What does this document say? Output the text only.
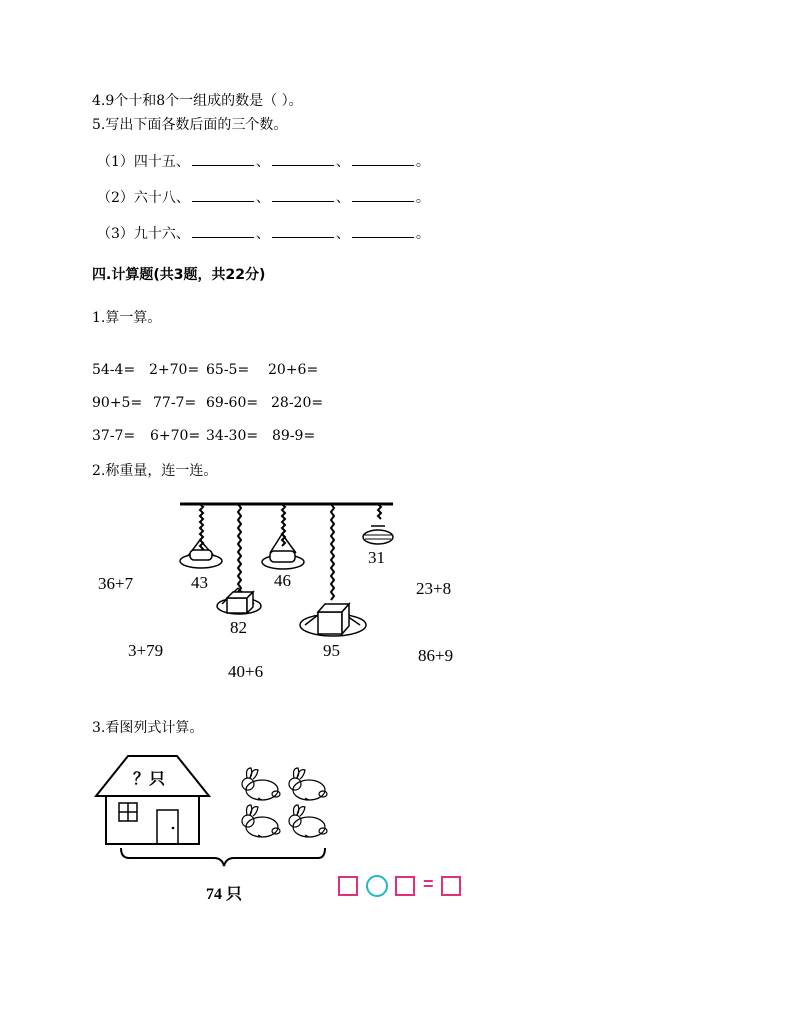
4.9个十和8个一组成的数是（ ）。
5.写出下面各数后面的三个数。
（1）四十五、	、	、	。
（2）六十八、	、	、	。
（3）九十六、	、	、	。
四.计算题(共3题，共22分)
1.算一算。
54-4= 2+70= 65-5= 20+6=
90+5= 77-7= 69-60= 28-20=
37-7= 6+70= 34-30= 89-9=
2.称重量，连一连。
43	46
31
82
95
36+7	23+8
3+79	86+9
40+6
3.看图列式计算。
？只
74 只
=
